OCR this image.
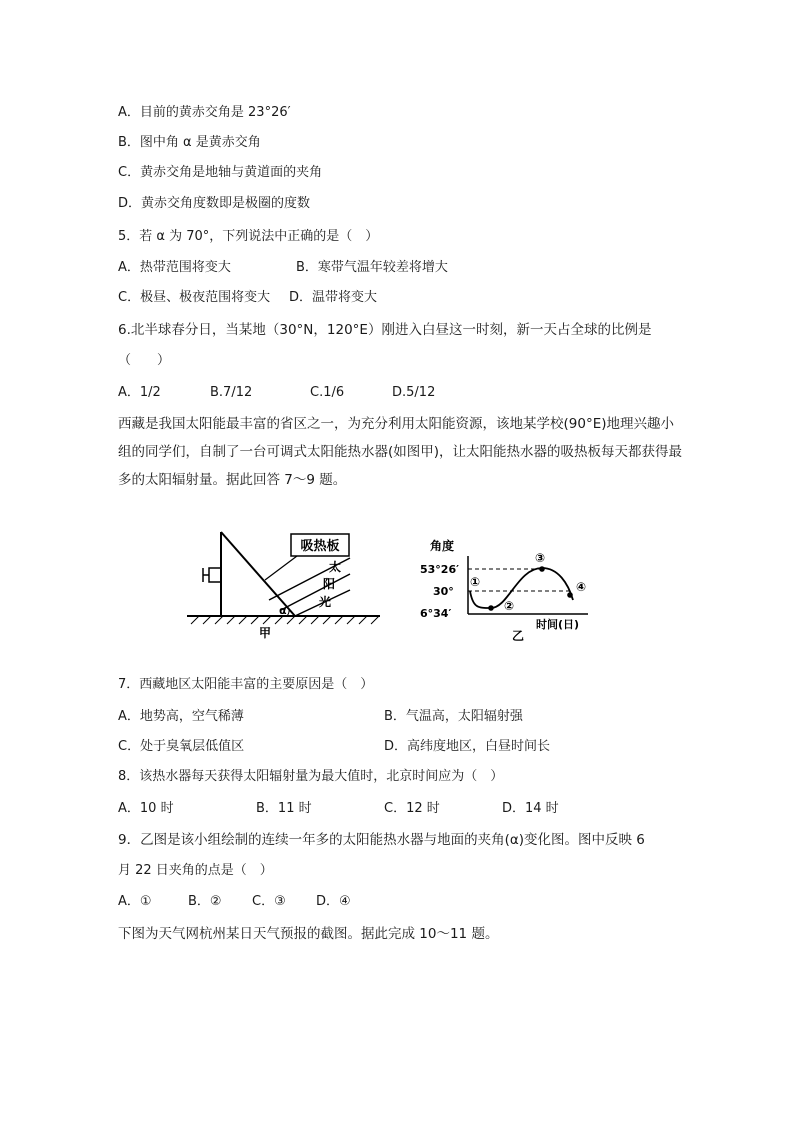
A．目前的黄赤交角是 23°26′
B．图中角 α 是黄赤交角
C．黄赤交角是地轴与黄道面的夹角
D．黄赤交角度数即是极圈的度数
5．若 α 为 70°，下列说法中正确的是（　）
A．热带范围将变大	B．寒带气温年较差将增大
C．极昼、极夜范围将变大 D．温带将变大
6.北半球春分日，当某地（30°N，120°E）刚进入白昼这一时刻，新一天占全球的比例是
（　　）
A．1/2	B.7/12	C.1/6	D.5/12
西藏是我国太阳能最丰富的省区之一，为充分利用太阳能资源，该地某学校(90°E)地理兴趣小组的同学们，自制了一台可调式太阳能热水器(如图甲)，让太阳能热水器的吸热板每天都获得最多的太阳辐射量。据此回答 7～9 题。
吸热板
太
阳
光
α
甲
角度
53°26′
30°
6°34′
①
②
③
④
时间(日)
乙
7．西藏地区太阳能丰富的主要原因是（　）
A．地势高，空气稀薄	B．气温高，太阳辐射强
C．处于臭氧层低值区	D．高纬度地区，白昼时间长
8．该热水器每天获得太阳辐射量为最大值时，北京时间应为（　）
A．10 时	B．11 时	C．12 时	D．14 时
9．乙图是该小组绘制的连续一年多的太阳能热水器与地面的夹角(α)变化图。图中反映 6
月 22 日夹角的点是（　）
A．①	B．② C．③ D．④
下图为天气网杭州某日天气预报的截图。据此完成 10～11 题。
